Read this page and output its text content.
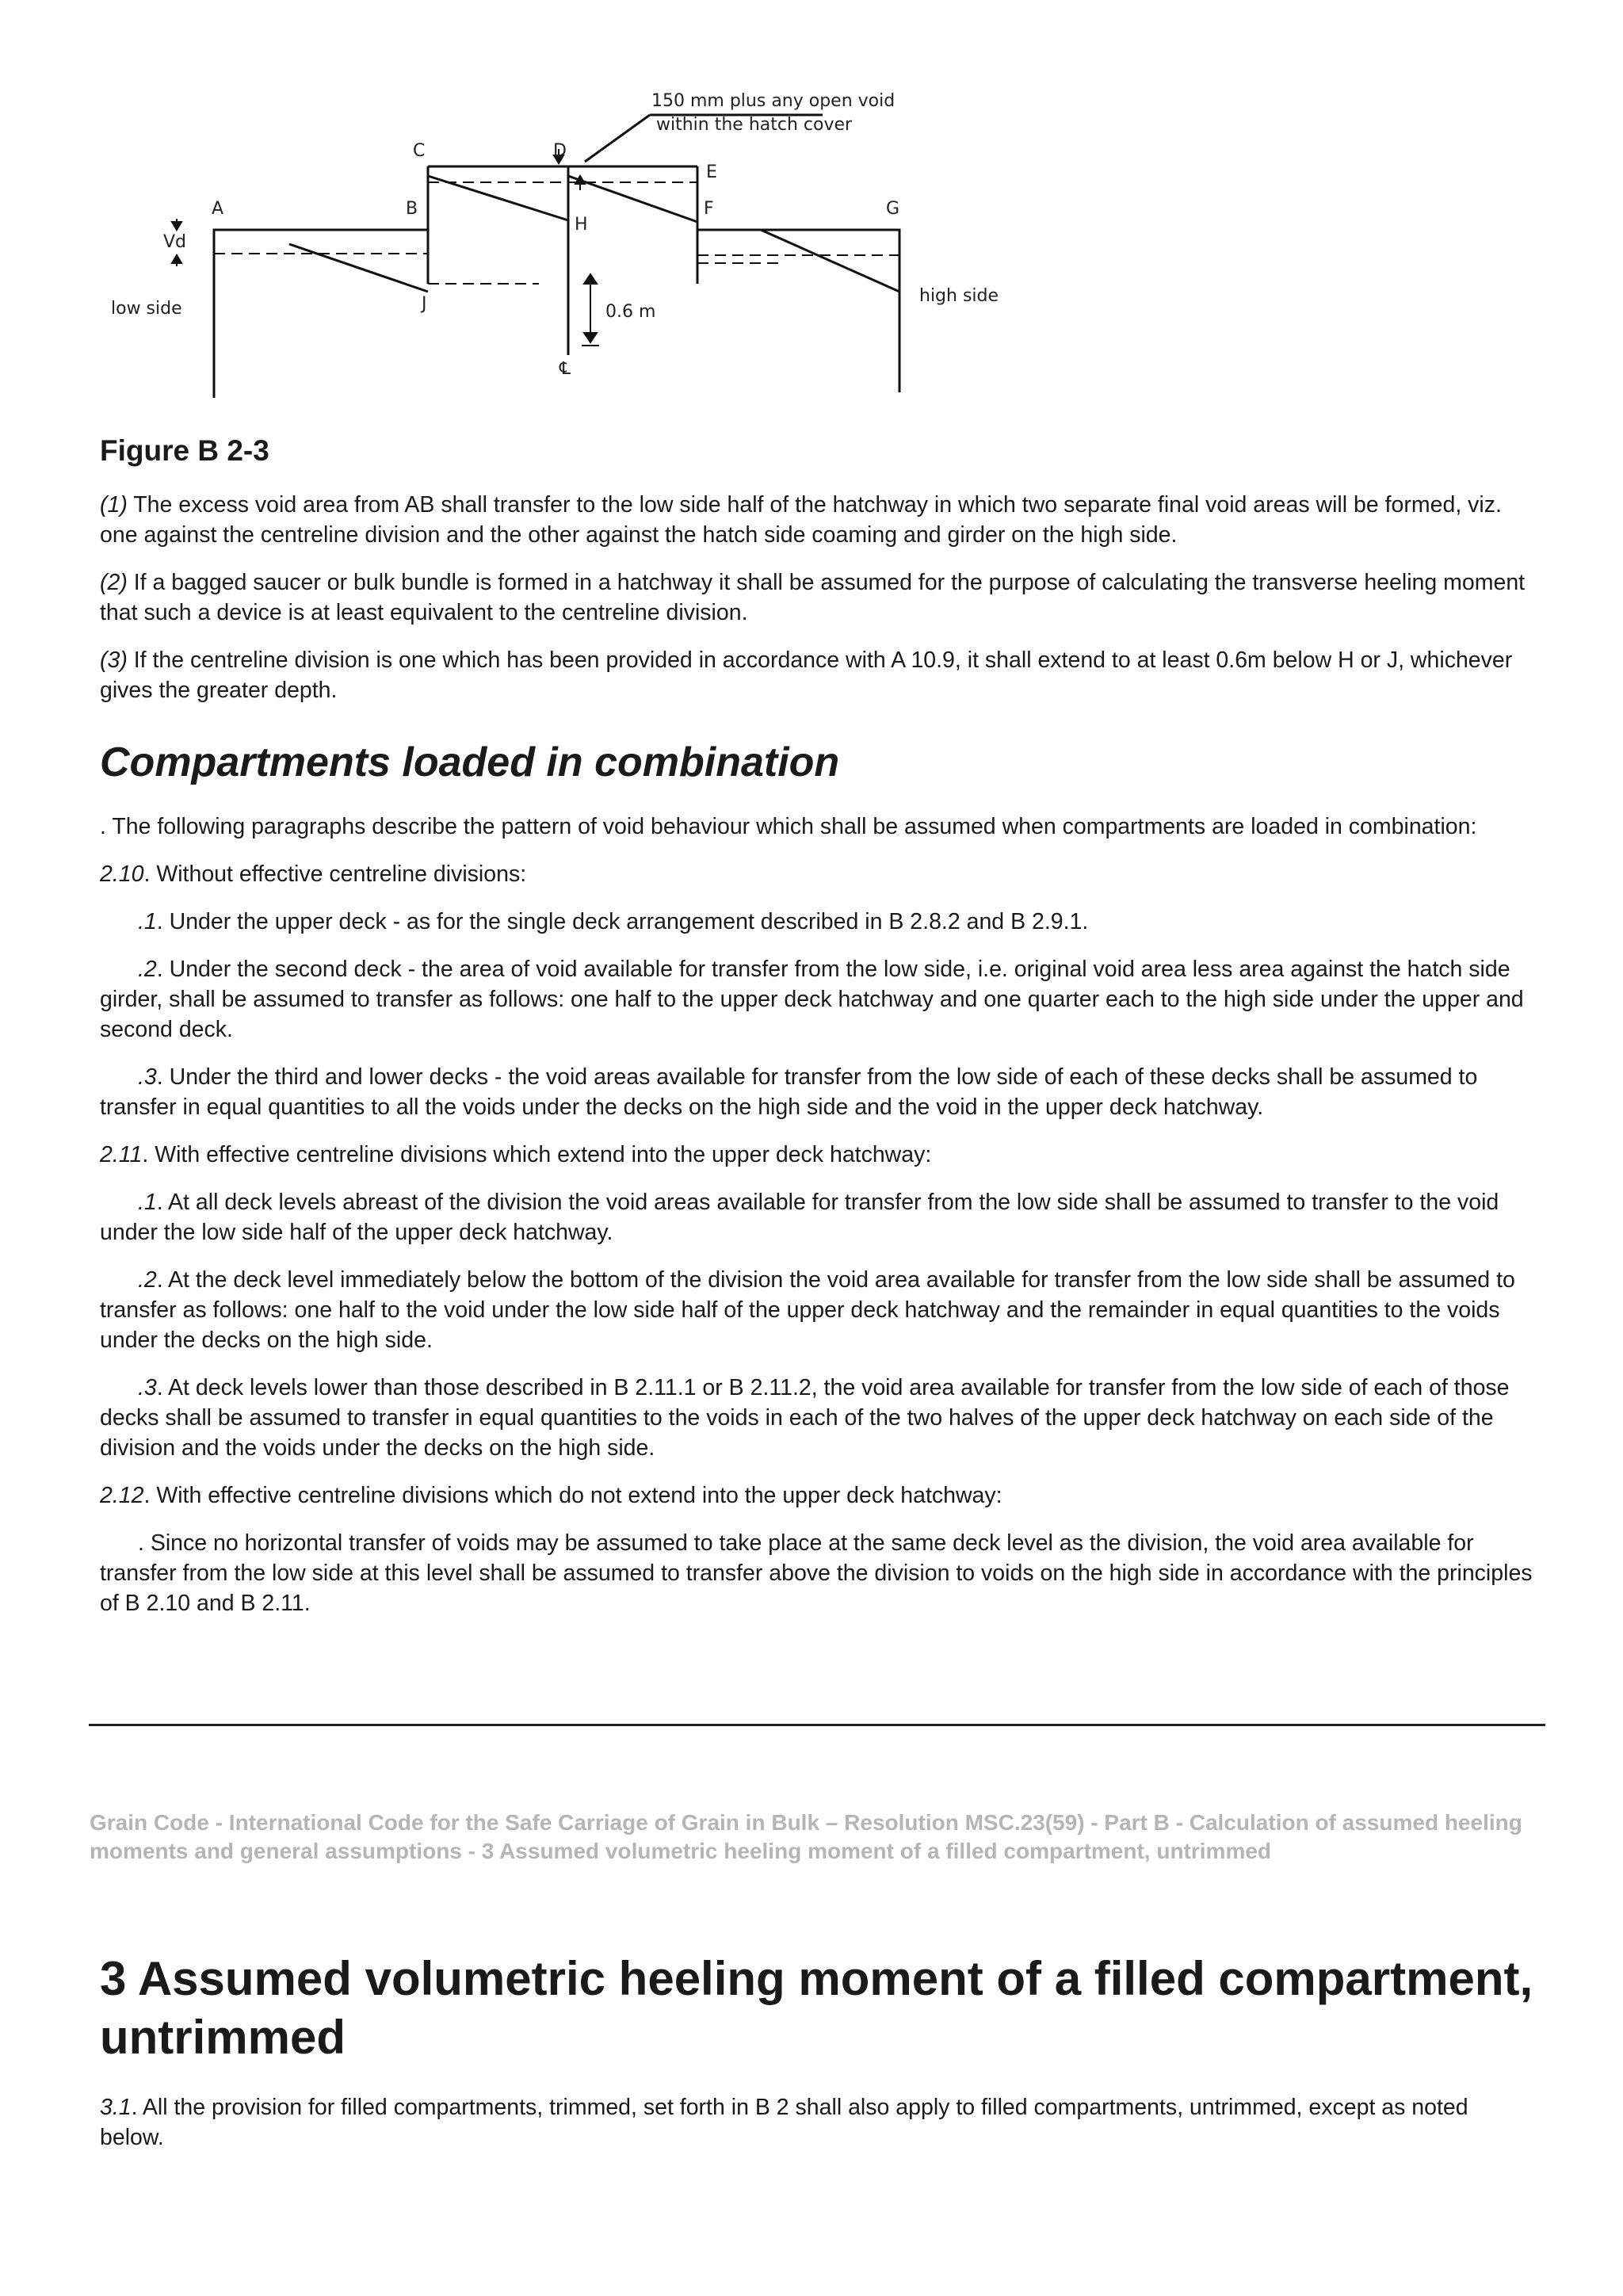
150 mm plus any open void
within the hatch cover
A	B
C	D
E
F	G
H
J
Vd
low side
high side
0.6 m
℄
Figure B 2-3

(1) The excess void area from AB shall transfer to the low side half of the hatchway in which two separate final void areas will be formed, viz. one against the centreline division and the other against the hatch side coaming and girder on the high side.

(2) If a bagged saucer or bulk bundle is formed in a hatchway it shall be assumed for the purpose of calculating the transverse heeling moment that such a device is at least equivalent to the centreline division.

(3) If the centreline division is one which has been provided in accordance with A 10.9, it shall extend to at least 0.6m below H or J, whichever gives the greater depth.

Compartments loaded in combination

. The following paragraphs describe the pattern of void behaviour which shall be assumed when compartments are loaded in combination:

2.10. Without effective centreline divisions:

.1. Under the upper deck - as for the single deck arrangement described in B 2.8.2 and B 2.9.1.

.2. Under the second deck - the area of void available for transfer from the low side, i.e. original void area less area against the hatch side girder, shall be assumed to transfer as follows: one half to the upper deck hatchway and one quarter each to the high side under the upper and second deck.

.3. Under the third and lower decks - the void areas available for transfer from the low side of each of these decks shall be assumed to transfer in equal quantities to all the voids under the decks on the high side and the void in the upper deck hatchway.

2.11. With effective centreline divisions which extend into the upper deck hatchway:

.1. At all deck levels abreast of the division the void areas available for transfer from the low side shall be assumed to transfer to the void under the low side half of the upper deck hatchway.

.2. At the deck level immediately below the bottom of the division the void area available for transfer from the low side shall be assumed to transfer as follows: one half to the void under the low side half of the upper deck hatchway and the remainder in equal quantities to the voids under the decks on the high side.

.3. At deck levels lower than those described in B 2.11.1 or B 2.11.2, the void area available for transfer from the low side of each of those decks shall be assumed to transfer in equal quantities to the voids in each of the two halves of the upper deck hatchway on each side of the division and the voids under the decks on the high side.

2.12. With effective centreline divisions which do not extend into the upper deck hatchway:

. Since no horizontal transfer of voids may be assumed to take place at the same deck level as the division, the void area available for transfer from the low side at this level shall be assumed to transfer above the division to voids on the high side in accordance with the principles of B 2.10 and B 2.11.

Grain Code - International Code for the Safe Carriage of Grain in Bulk – Resolution MSC.23(59) - Part B - Calculation of assumed heeling moments and general assumptions - 3 Assumed volumetric heeling moment of a filled compartment, untrimmed
3 Assumed volumetric heeling moment of a filled compartment, untrimmed

3.1. All the provision for filled compartments, trimmed, set forth in B 2 shall also apply to filled compartments, untrimmed, except as noted below.
